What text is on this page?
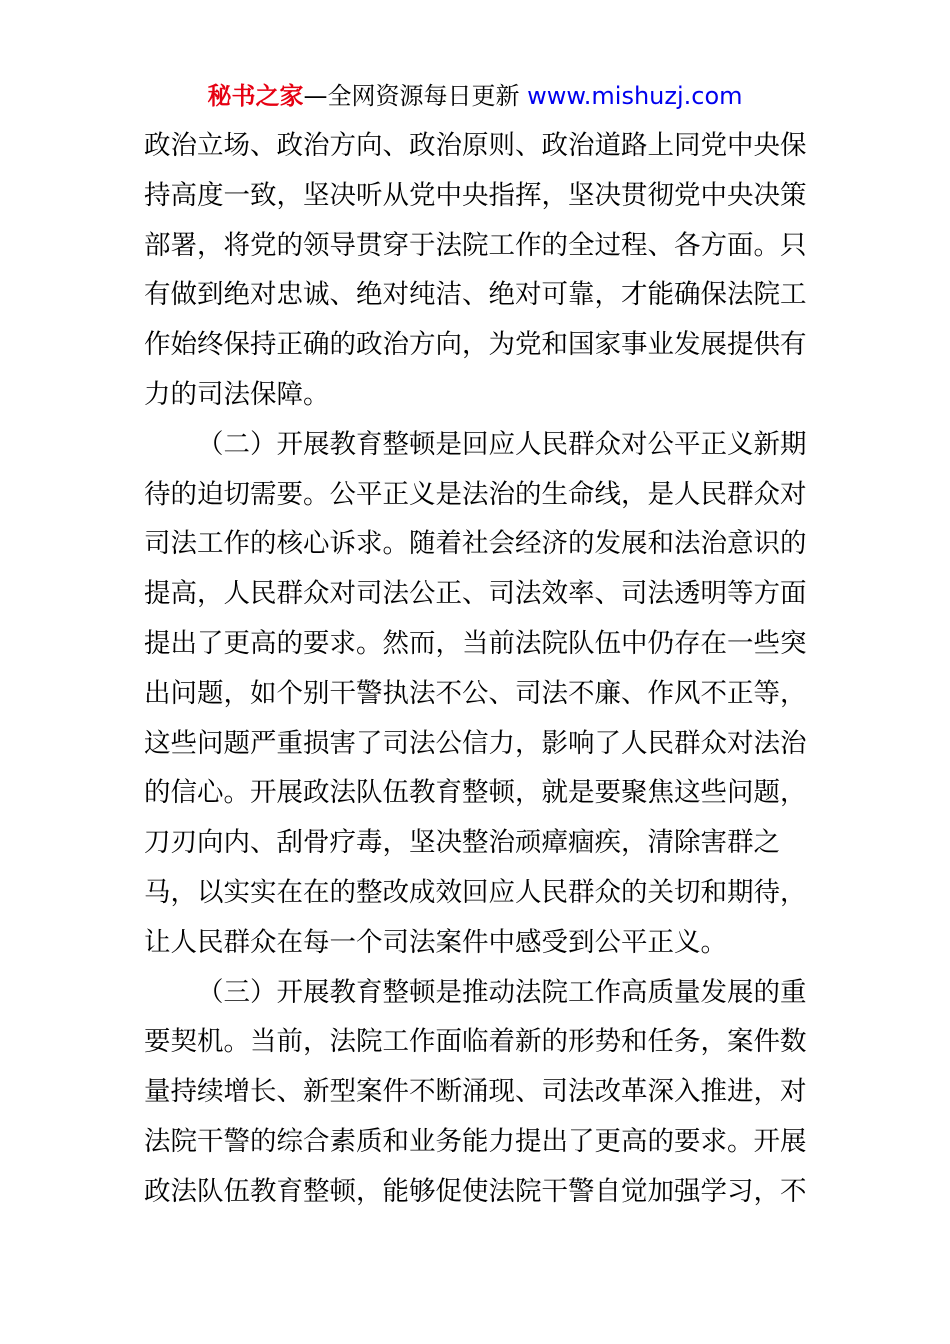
秘书之家—全网资源每日更新 www.mishuzj.com
政治立场、政治方向、政治原则、政治道路上同党中央保
持高度一致，坚决听从党中央指挥，坚决贯彻党中央决策
部署，将党的领导贯穿于法院工作的全过程、各方面。只
有做到绝对忠诚、绝对纯洁、绝对可靠，才能确保法院工
作始终保持正确的政治方向，为党和国家事业发展提供有
力的司法保障。
（二）开展教育整顿是回应人民群众对公平正义新期
待的迫切需要。公平正义是法治的生命线，是人民群众对
司法工作的核心诉求。随着社会经济的发展和法治意识的
提高，人民群众对司法公正、司法效率、司法透明等方面
提出了更高的要求。然而，当前法院队伍中仍存在一些突
出问题，如个别干警执法不公、司法不廉、作风不正等，
这些问题严重损害了司法公信力，影响了人民群众对法治
的信心。开展政法队伍教育整顿，就是要聚焦这些问题，
刀刃向内、刮骨疗毒，坚决整治顽瘴痼疾，清除害群之
马，以实实在在的整改成效回应人民群众的关切和期待，
让人民群众在每一个司法案件中感受到公平正义。
（三）开展教育整顿是推动法院工作高质量发展的重
要契机。当前，法院工作面临着新的形势和任务，案件数
量持续增长、新型案件不断涌现、司法改革深入推进，对
法院干警的综合素质和业务能力提出了更高的要求。开展
政法队伍教育整顿，能够促使法院干警自觉加强学习，不
